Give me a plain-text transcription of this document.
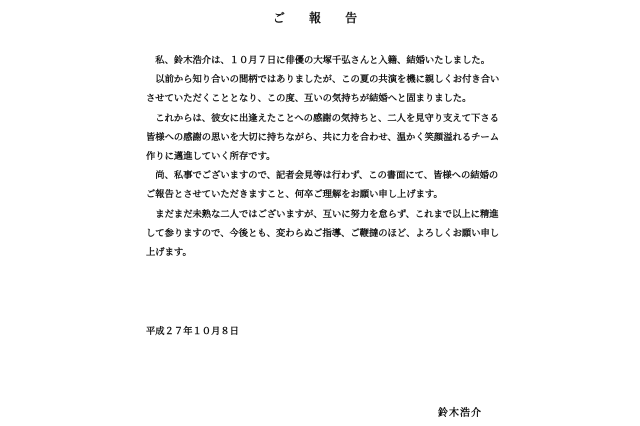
ご 報 告

私、鈴木浩介は、１０月７日に俳優の大塚千弘さんと入籍、結婚いたしました。

以前から知り合いの間柄ではありましたが、この夏の共演を機に親しくお付き合いさせていただくこととなり、この度、互いの気持ちが結婚へと固まりました。

これからは、彼女に出逢えたことへの感謝の気持ちと、二人を見守り支えて下さる皆様への感謝の思いを大切に持ちながら、共に力を合わせ、温かく笑顔溢れるチーム作りに邁進していく所存です。

尚、私事でございますので、記者会見等は行わず、この書面にて、皆様への結婚のご報告とさせていただきますこと、何卒ご理解をお願い申し上げます。

まだまだ未熟な二人ではございますが、互いに努力を怠らず、これまで以上に精進して参りますので、今後とも、変わらぬご指導、ご鞭撻のほど、よろしくお願い申し上げます。

平成２７年１０月８日
鈴木浩介
